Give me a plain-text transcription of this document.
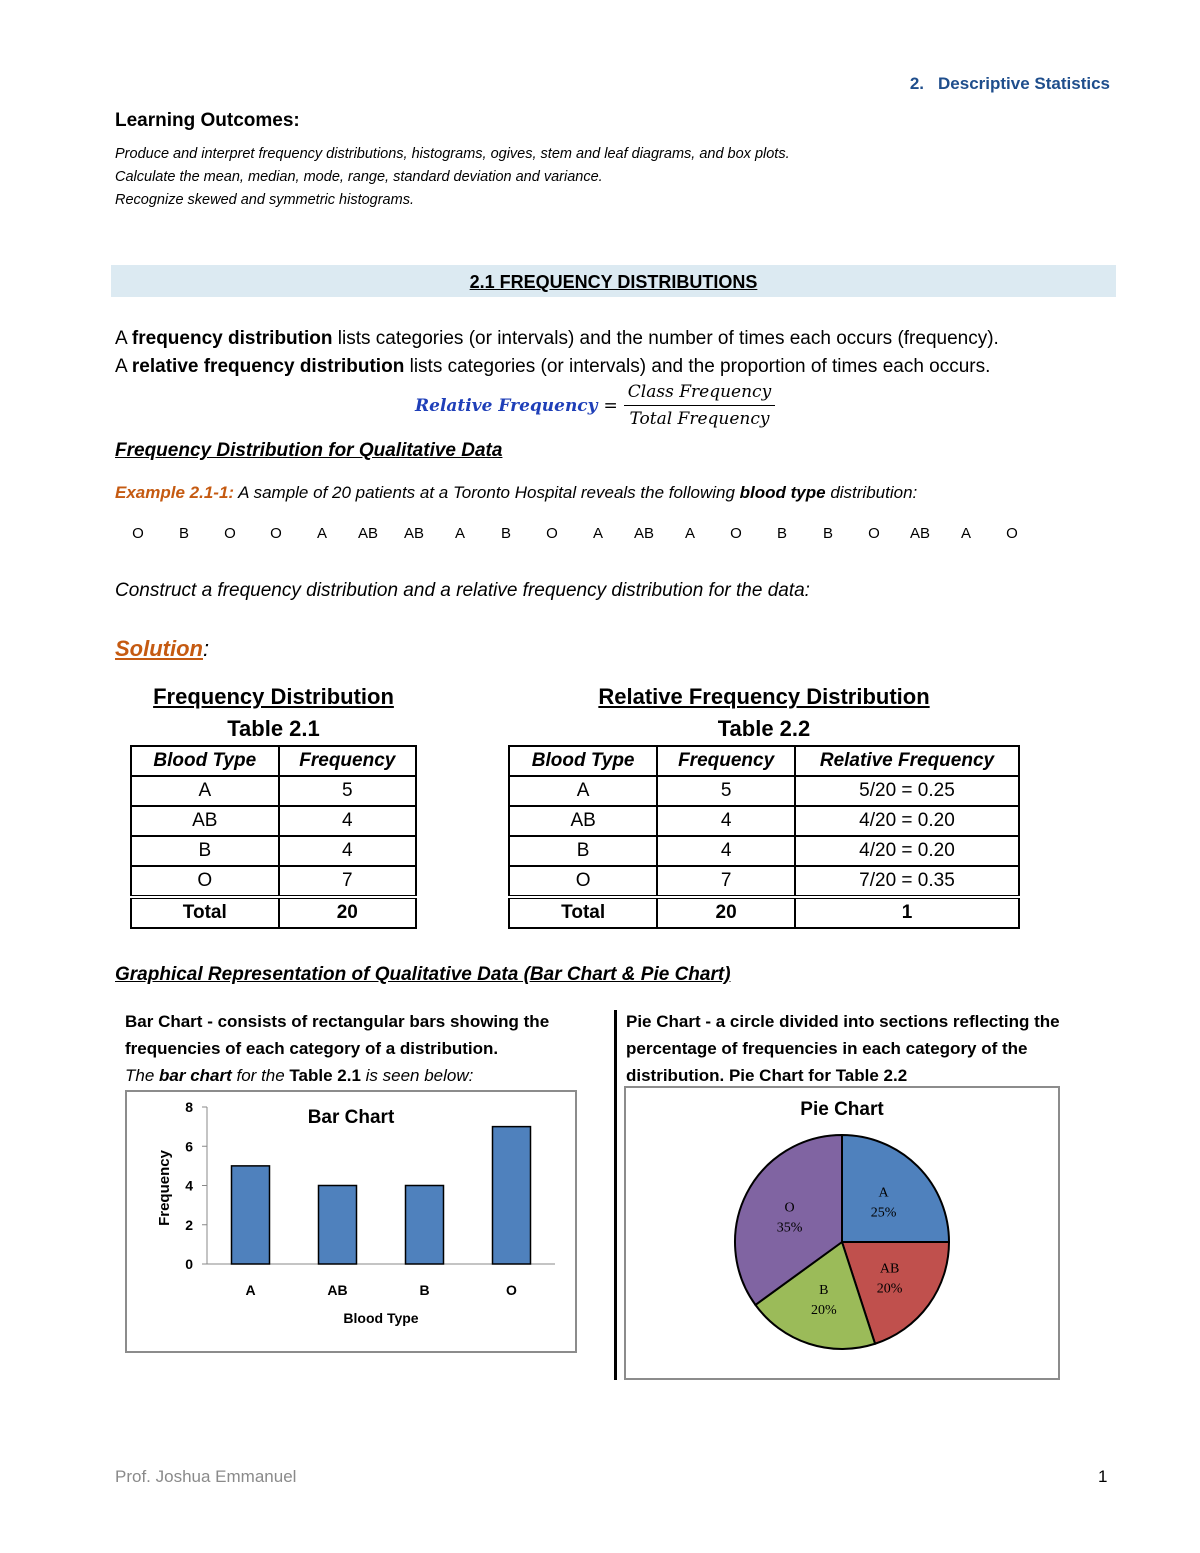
2. Descriptive Statistics
Learning Outcomes:
Produce and interpret frequency distributions, histograms, ogives, stem and leaf diagrams, and box plots.
Calculate the mean, median, mode, range, standard deviation and variance.
Recognize skewed and symmetric histograms.
2.1 FREQUENCY DISTRIBUTIONS
A frequency distribution lists categories (or intervals) and the number of times each occurs (frequency).
A relative frequency distribution lists categories (or intervals) and the proportion of times each occurs.
Relative Frequency = $\frac{\text{Class Frequency}}{\text{Total Frequency}}$
Frequency Distribution for Qualitative Data
Example 2.1-1: A sample of 20 patients at a Toronto Hospital reveals the following blood type distribution:
O	B	O	O	A	AB	AB	A	B	O	A	AB	A	O	B	B	O	AB	A	O
Construct a frequency distribution and a relative frequency distribution for the data:
Solution:
Frequency Distribution
Table 2.1
Blood Type	Frequency
A	5
AB	4
B	4
O	7
Total	20
Relative Frequency Distribution
Table 2.2
Blood Type	Frequency	Relative Frequency
A	5	5/20 = 0.25
AB	4	4/20 = 0.20
B	4	4/20 = 0.20
O	7	7/20 = 0.35
Total	20	1
Graphical Representation of Qualitative Data (Bar Chart & Pie Chart)
Bar Chart - consists of rectangular bars showing the frequencies of each category of a distribution.
The bar chart for the Table 2.1 is seen below:
Pie Chart - a circle divided into sections reflecting the percentage of frequencies in each category of the distribution. Pie Chart for Table 2.2
0
2
4
6
8
A	AB	B	O
Bar Chart
Blood Type
Frequency
Pie Chart
A
25%
AB
20%
B
20%
O
35%
Prof. Joshua Emmanuel	1
